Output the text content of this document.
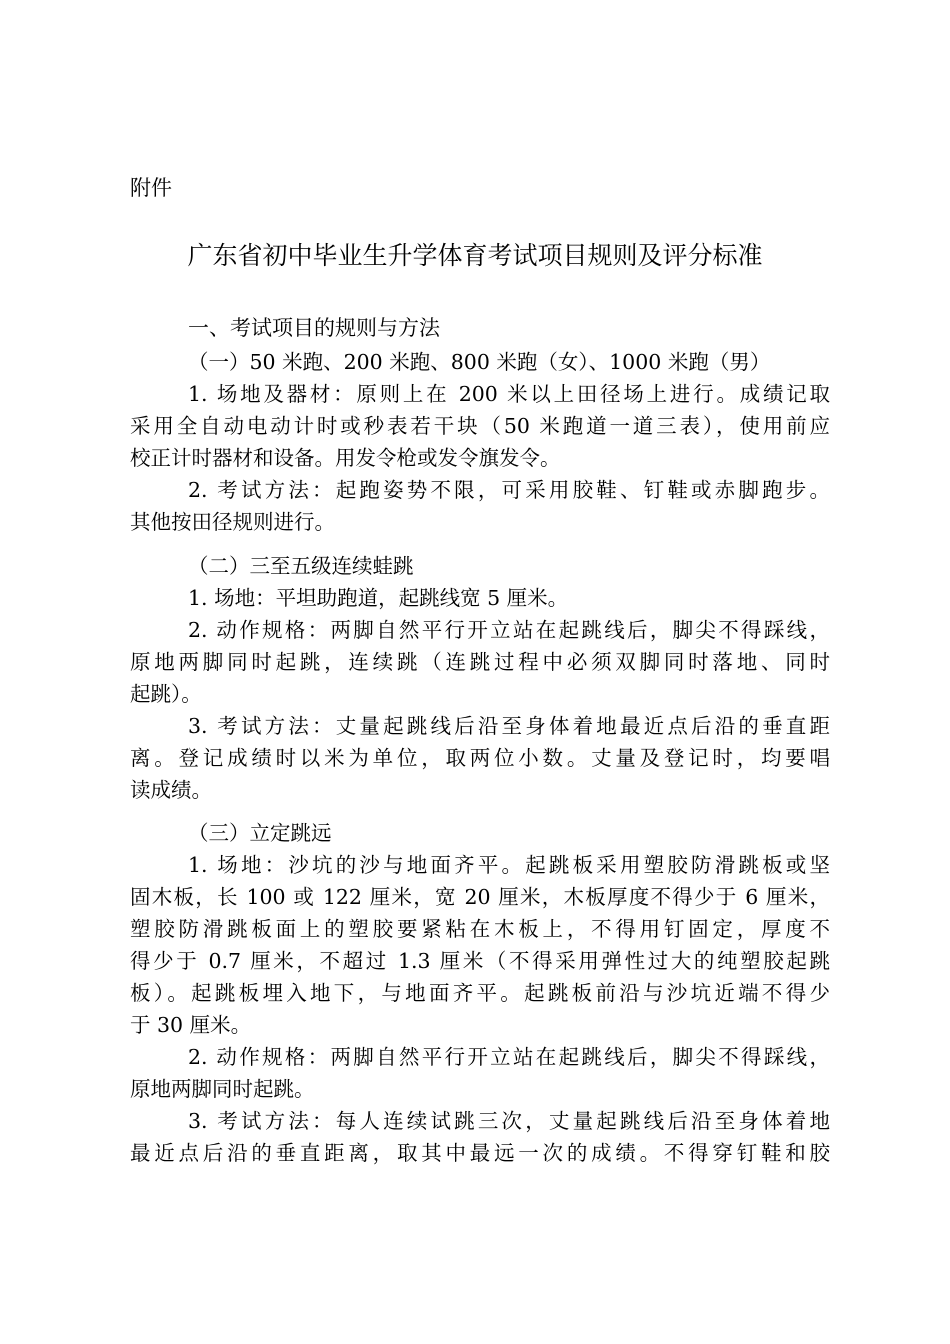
附件
广东省初中毕业生升学体育考试项目规则及评分标准
一、考试项目的规则与方法
（一）50 米跑、200 米跑、800 米跑（女）、1000 米跑（男）
1. 场地及器材：原则上在 200 米以上田径场上进行。成绩记取
采用全自动电动计时或秒表若干块（50 米跑道一道三表），使用前应
校正计时器材和设备。用发令枪或发令旗发令。
2. 考试方法：起跑姿势不限，可采用胶鞋、钉鞋或赤脚跑步。
其他按田径规则进行。
（二）三至五级连续蛙跳
1. 场地：平坦助跑道，起跳线宽 5 厘米。
2. 动作规格：两脚自然平行开立站在起跳线后，脚尖不得踩线，
原地两脚同时起跳，连续跳（连跳过程中必须双脚同时落地、同时
起跳）。
3. 考试方法：丈量起跳线后沿至身体着地最近点后沿的垂直距
离。登记成绩时以米为单位，取两位小数。丈量及登记时，均要唱
读成绩。
（三）立定跳远
1. 场地：沙坑的沙与地面齐平。起跳板采用塑胶防滑跳板或坚
固木板，长 100 或 122 厘米，宽 20 厘米，木板厚度不得少于 6 厘米，
塑胶防滑跳板面上的塑胶要紧粘在木板上，不得用钉固定，厚度不
得少于 0.7 厘米，不超过 1.3 厘米（不得采用弹性过大的纯塑胶起跳
板）。起跳板埋入地下，与地面齐平。起跳板前沿与沙坑近端不得少
于 30 厘米。
2. 动作规格：两脚自然平行开立站在起跳线后，脚尖不得踩线，
原地两脚同时起跳。
3. 考试方法：每人连续试跳三次，丈量起跳线后沿至身体着地
最近点后沿的垂直距离，取其中最远一次的成绩。不得穿钉鞋和胶
